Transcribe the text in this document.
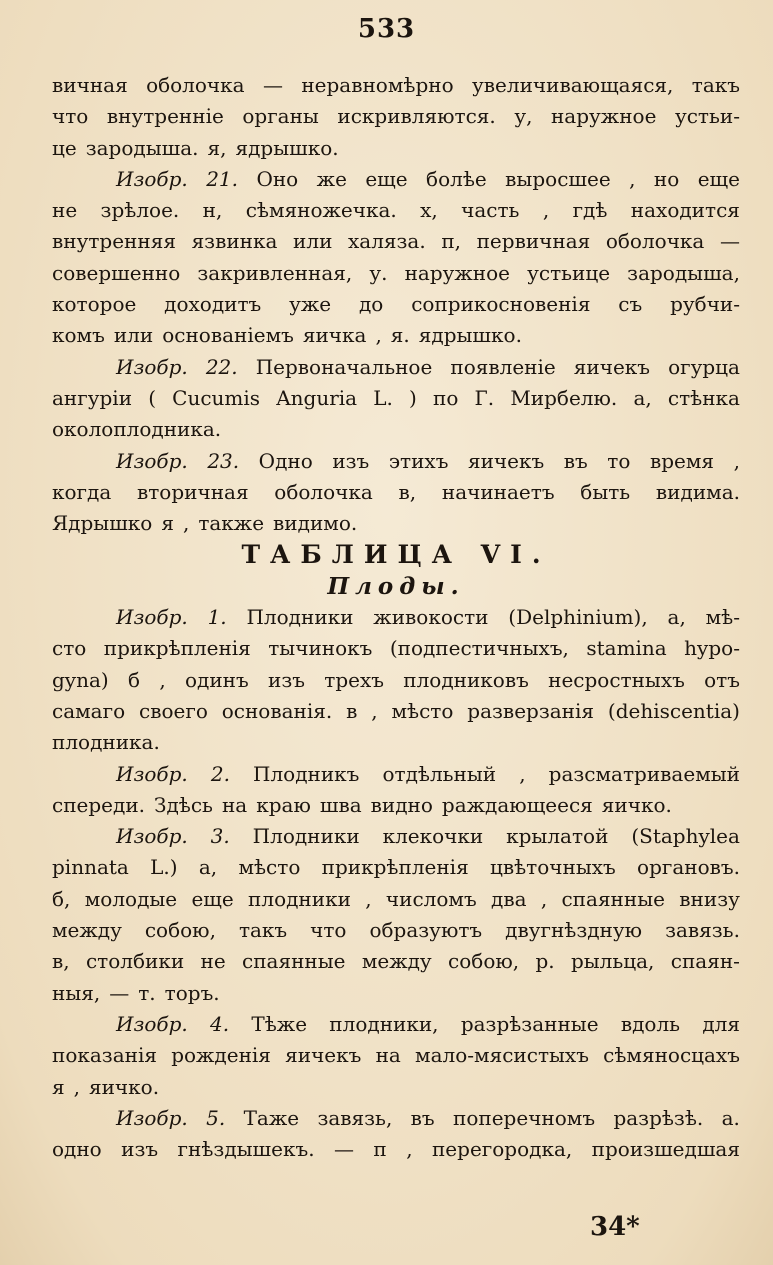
533
вичная оболочка — неравномѣрно увеличивающаяся, такъ
что внутренніе органы искривляются. у, наружное устьи-
це зародыша. я, ядрышко.
Изобр. 21. Оно же еще болѣе выросшее , но еще
не зрѣлое. н, сѣмяножечка. х, часть , гдѣ находится
внутренняя язвинка или халяза. п, первичная оболочка —
совершенно закривленная, у. наружное устьице зародыша,
которое доходитъ уже до соприкосновенія съ рубчи-
комъ или основаніемъ яичка , я. ядрышко.
Изобр. 22. Первоначальное появленіе яичекъ огурца
ангуріи ( Cucumis Anguria L. ) по Г. Мирбелю. а, стѣнка
околоплодника.
Изобр. 23. Одно изъ этихъ яичекъ въ то время ,
когда вторичная оболочка в, начинаетъ быть видима.
Ядрышко я , также видимо.
ТАБЛИЦА VI.
Плоды.
Изобр. 1. Плодники живокости (Delphinium), а, мѣ-
сто прикрѣпленія тычинокъ (подпестичныхъ, stamina hypo-
gyna) б , одинъ изъ трехъ плодниковъ несростныхъ отъ
самаго своего основанія. в , мѣсто разверзанія (dehiscentia)
плодника.
Изобр. 2. Плодникъ отдѣльный , разсматриваемый
спереди. Здѣсь на краю шва видно раждающееся яичко.
Изобр. 3. Плодники клекочки крылатой (Staphylea
pinnata L.) а, мѣсто прикрѣпленія цвѣточныхъ органовъ.
б, молодые еще плодники , числомъ два , спаянные внизу
между собою, такъ что образуютъ двугнѣздную завязь.
в, столбики не спаянные между собою, р. рыльца, спаян-
ныя, — т. торъ.
Изобр. 4. Тѣже плодники, разрѣзанные вдоль для
показанія рожденія яичекъ на мало-мясистыхъ сѣмяносцахъ
я , яичко.
Изобр. 5. Таже завязь, въ поперечномъ разрѣзѣ. а.
одно изъ гнѣздышекъ. — п , перегородка, произшедшая
34*
